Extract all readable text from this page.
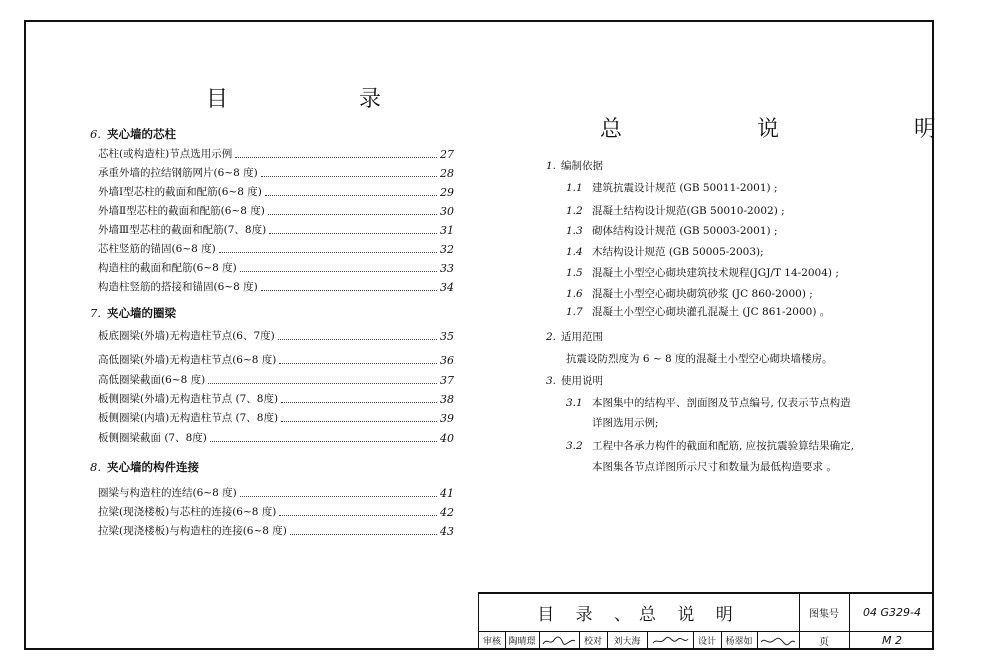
目 录
6. 夹心墙的芯柱
芯柱(或构造柱)节点选用示例	27
承重外墙的拉结钢筋网片(6~8 度)	28
外墙Ⅰ型芯柱的截面和配筋(6~8 度)	29
外墙Ⅱ型芯柱的截面和配筋(6~8 度)	30
外墙Ⅲ型芯柱的截面和配筋(7、8度)	31
芯柱竖筋的锚固(6~8 度)	32
构造柱的截面和配筋(6~8 度)	33
构造柱竖筋的搭接和锚固(6~8 度)	34
7. 夹心墙的圈梁
板底圈梁(外墙)无构造柱节点(6、7度)	35
高低圈梁(外墙)无构造柱节点(6~8 度)	36
高低圈梁截面(6~8 度)	37
板侧圈梁(外墙)无构造柱节点 (7、8度)	38
板侧圈梁(内墙)无构造柱节点 (7、8度)	39
板侧圈梁截面 (7、8度)	40
8. 夹心墙的构件连接
圈梁与构造柱的连结(6~8 度)	41
拉梁(现浇楼板)与芯柱的连接(6~8 度)	42
拉梁(现浇楼板)与构造柱的连接(6~8 度)	43
总 说 明
1. 编制依据
1.1 建筑抗震设计规范 (GB 50011-2001) ;
1.2 混凝土结构设计规范(GB 50010-2002) ;
1.3 砌体结构设计规范 (GB 50003-2001) ;
1.4 木结构设计规范 (GB 50005-2003);
1.5 混凝土小型空心砌块建筑技术规程(JGJ/T 14-2004) ;
1.6 混凝土小型空心砌块砌筑砂浆 (JC 860-2000) ;
1.7 混凝土小型空心砌块灌孔混凝土 (JC 861-2000) 。
2. 适用范围
抗震设防烈度为 6 ~ 8 度的混凝土小型空心砌块墙楼房。
3. 使用说明
3.1 本图集中的结构平、剖面图及节点编号, 仅表示节点构造
详图选用示例;
3.2 工程中各承力构件的截面和配筋, 应按抗震验算结果确定,
本图集各节点详图所示尺寸和数量为最低构造要求 。
目 录 、总 说 明	图集号	04 G329-4
审核 陶晴璟	校对	刘大海	设计	杨翠如	页	M 2
